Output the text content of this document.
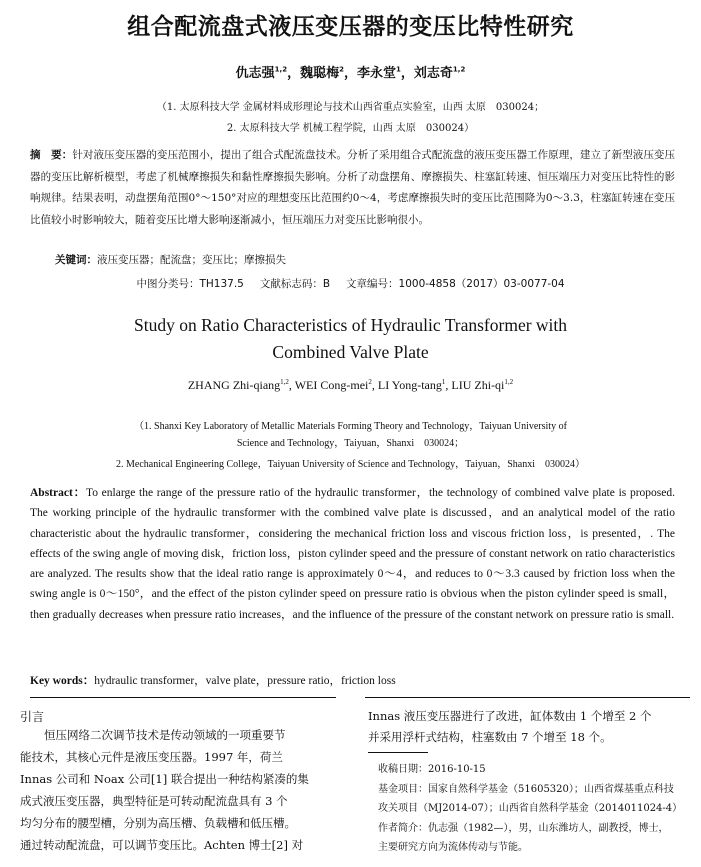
组合配流盘式液压变压器的变压比特性研究
仇志强$^{1,2}$，魏聪梅$^2$，李永堂$^1$，刘志奇$^{1,2}$
（1. 太原科技大学 金属材料成形理论与技术山西省重点实验室，山西 太原　030024；
2. 太原科技大学 机械工程学院，山西 太原　030024）
摘　要：针对液压变压器的变压范围小，提出了组合式配流盘技术。分析了采用组合式配流盘的液压变压器工作原理，建立了新型液压变压器的变压比解析模型，考虑了机械摩擦损失和黏性摩擦损失影响。分析了动盘摆角、摩擦损失、柱塞缸转速、恒压端压力对变压比特性的影响规律。结果表明，动盘摆角范围0°～150°对应的理想变压比范围约0～4，考虑摩擦损失时的变压比范围降为0～3.3，柱塞缸转速在变压比值较小时影响较大，随着变压比增大影响逐渐减小，恒压端压力对变压比影响很小。
关键词：液压变压器；配流盘；变压比；摩擦损失
中图分类号：TH137.5 文献标志码：B 文章编号：1000-4858（2017）03-0077-04
Study on Ratio Characteristics of Hydraulic Transformer with
Combined Valve Plate
ZHANG Zhi-qiang$^{1,2}$, WEI Cong-mei$^2$, LI Yong-tang$^1$, LIU Zhi-qi$^{1,2}$
（1. Shanxi Key Laboratory of Metallic Materials Forming Theory and Technology，Taiyuan University of
Science and Technology，Taiyuan，Shanxi　030024；
2. Mechanical Engineering College，Taiyuan University of Science and Technology，Taiyuan，Shanxi　030024）
Abstract：To enlarge the range of the pressure ratio of the hydraulic transformer，the technology of combined valve plate is proposed. The working principle of the hydraulic transformer with the combined valve plate is discussed，and an analytical model of the ratio characteristic about the hydraulic transformer，considering the mechanical friction loss and viscous friction loss，is presented，. The effects of the swing angle of moving disk，friction loss，piston cylinder speed and the pressure of constant network on ratio characteristics are analyzed. The results show that the ideal ratio range is approximately 0～4，and reduces to 0～3.3 caused by friction loss when the swing angle is 0～150°，and the effect of the piston cylinder speed on pressure ratio is obvious when the piston cylinder speed is small，then gradually decreases when pressure ratio increases，and the influence of the pressure of the constant network on pressure ratio is small.
Key words：hydraulic transformer，valve plate，pressure ratio，friction loss
引言
恒压网络二次调节技术是传动领域的一项重要节
能技术，其核心元件是液压变压器。1997 年，荷兰
Innas 公司和 Noax 公司[1] 联合提出一种结构紧凑的集
成式液压变压器，典型特征是可转动配流盘具有 3 个
均匀分布的腰型槽，分别为高压槽、负载槽和低压槽。
通过转动配流盘，可以调节变压比。Achten 博士[2] 对
Innas 液压变压器进行了改进，缸体数由 1 个增至 2 个
并采用浮杆式结构，柱塞数由 7 个增至 18 个。
收稿日期：2016-10-15
基金项目：国家自然科学基金（51605320）；山西省煤基重点科技
攻关项目（MJ2014-07）；山西省自然科学基金（2014011024-4）
作者简介：仇志强（1982—），男，山东潍坊人，副教授，博士，
主要研究方向为流体传动与节能。
